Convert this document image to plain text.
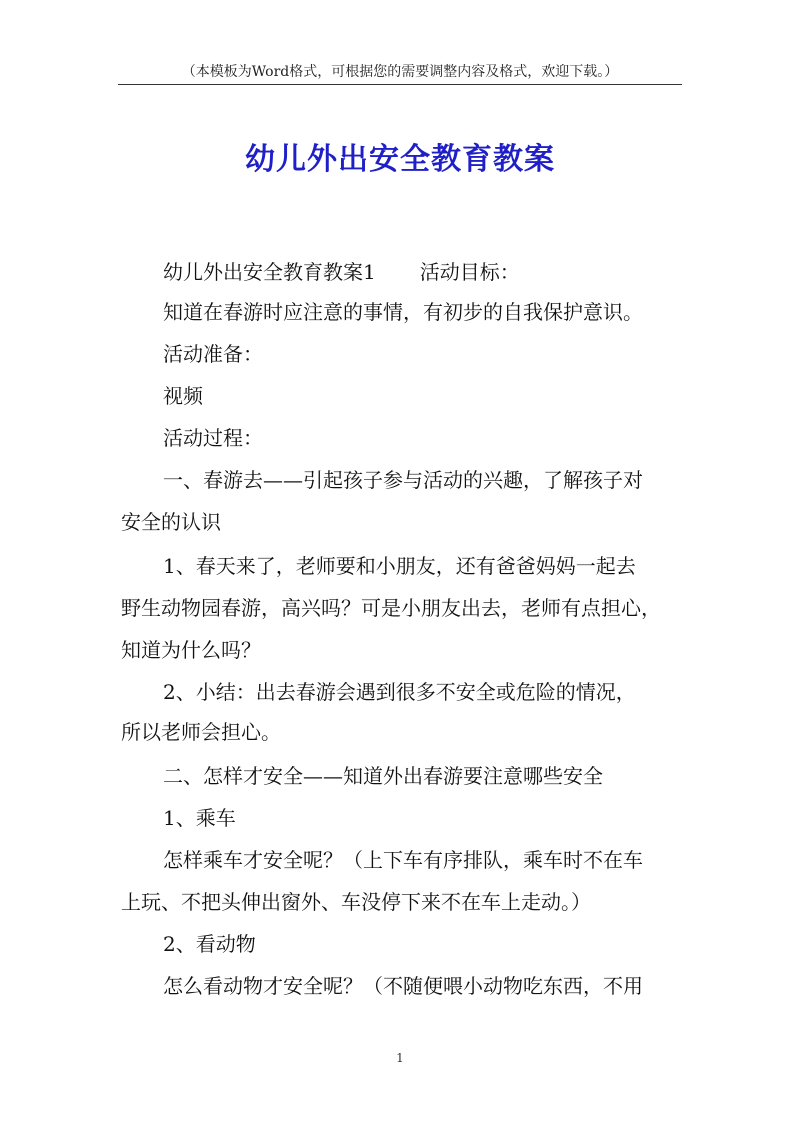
（本模板为Word格式，可根据您的需要调整内容及格式，欢迎下载。）
幼儿外出安全教育教案
幼儿外出安全教育教案1 活动目标：
知道在春游时应注意的事情，有初步的自我保护意识。
活动准备：
视频
活动过程：
一、春游去——引起孩子参与活动的兴趣，了解孩子对
安全的认识
1、春天来了，老师要和小朋友，还有爸爸妈妈一起去
野生动物园春游，高兴吗？可是小朋友出去，老师有点担心，
知道为什么吗？
2、小结：出去春游会遇到很多不安全或危险的情况，
所以老师会担心。
二、怎样才安全——知道外出春游要注意哪些安全
1、乘车
怎样乘车才安全呢？（上下车有序排队，乘车时不在车
上玩、不把头伸出窗外、车没停下来不在车上走动。）
2、看动物
怎么看动物才安全呢？（不随便喂小动物吃东西，不用
1
